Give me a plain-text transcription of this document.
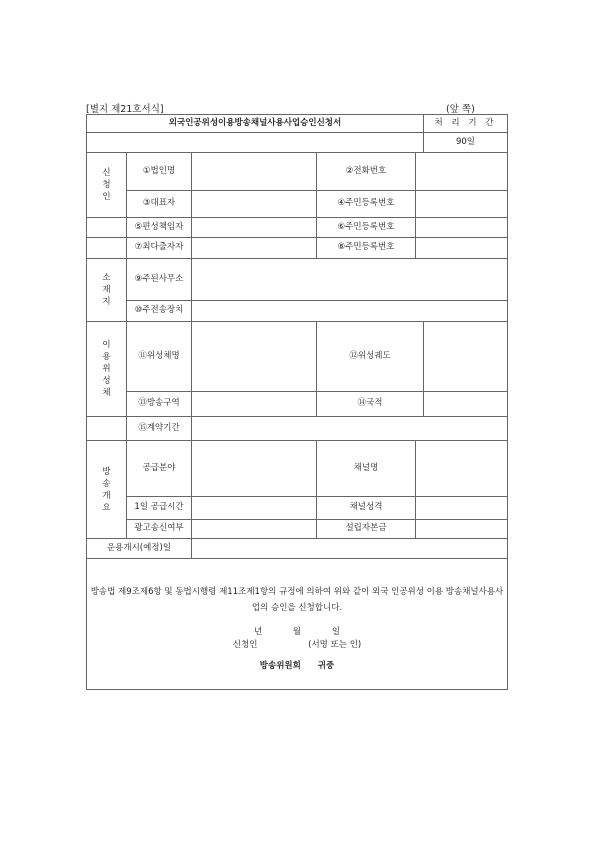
[별지 제21호서식]	(앞 쪽)
외국인공위성이용방송채널사용사업승인신청서					처 리 기 간
					90일
신청인	①법인명		②전화번호		
	③대표자		④주민등록번호		
	⑤편성책임자		⑥주민등록번호		
	⑦최다출자자		⑧주민등록번호		
소재지	⑨주된사무소				
	⑩주전송장치				
이용위성체	⑪위성체명		⑫위성궤도		
	⑬방송구역		⑭국적		
	⑮계약기간				
방송개요	공급분야		채널명		
	1일 공급시간		채널성격		
	광고송신여부		설립자본금		
운용개시(예정)일					

방송법 제9조제6항 및 동법시행령 제11조제1항의 규정에 의하여 위와 같이 외국 인공위성 이용 방송채널사용사업의 승인을 신청합니다.
년 월 일
신청인 (서명 또는 인)
방송위원회 귀중					
